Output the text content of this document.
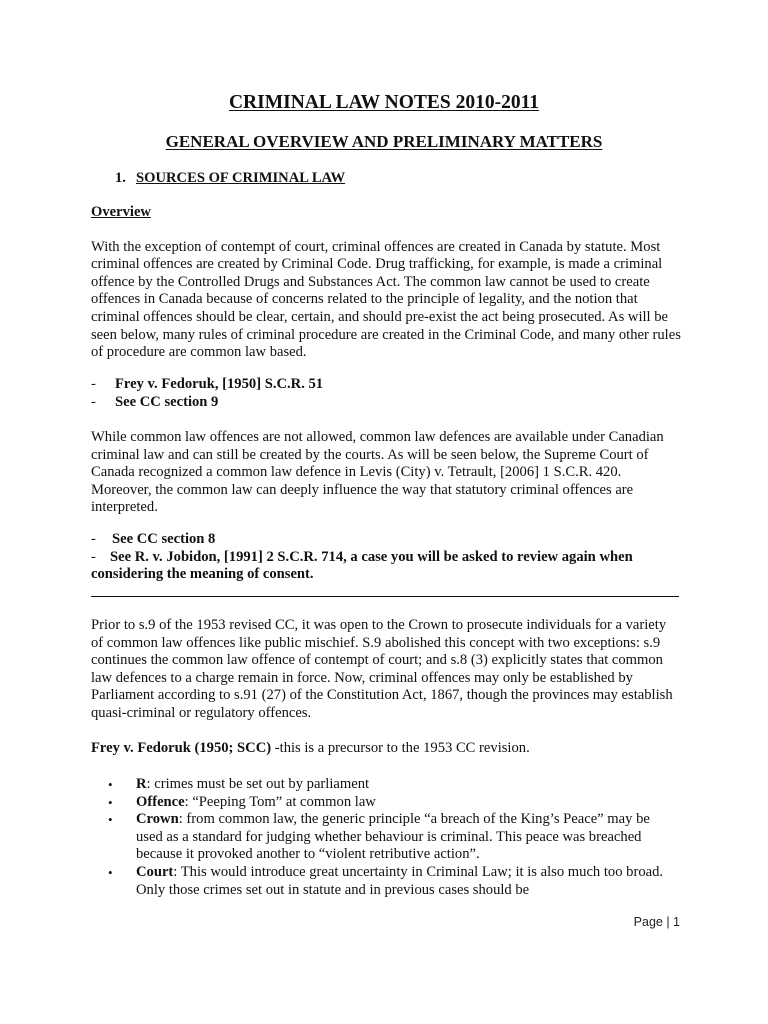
CRIMINAL LAW NOTES 2010-2011
GENERAL OVERVIEW AND PRELIMINARY MATTERS
1. SOURCES OF CRIMINAL LAW

Overview

With the exception of contempt of court, criminal offences are created in Canada by statute. Most criminal offences are created by Criminal Code. Drug trafficking, for example, is made a criminal offence by the Controlled Drugs and Substances Act. The common law cannot be used to create offences in Canada because of concerns related to the principle of legality, and the notion that criminal offences should be clear, certain, and should pre-exist the act being prosecuted. As will be seen below, many rules of criminal procedure are created in the Criminal Code, and many other rules of procedure are common law based.

- Frey v. Fedoruk, [1950] S.C.R. 51
- See CC section 9

While common law offences are not allowed, common law defences are available under Canadian criminal law and can still be created by the courts. As will be seen below, the Supreme Court of Canada recognized a common law defence in Levis (City) v. Tetrault, [2006] 1 S.C.R. 420. Moreover, the common law can deeply influence the way that statutory criminal offences are interpreted.

- See CC section 8
- See R. v. Jobidon, [1991] 2 S.C.R. 714, a case you will be asked to review again when considering the meaning of consent.

Prior to s.9 of the 1953 revised CC, it was open to the Crown to prosecute individuals for a variety of common law offences like public mischief. S.9 abolished this concept with two exceptions: s.9 continues the common law offence of contempt of court; and s.8 (3) explicitly states that common law defences to a charge remain in force. Now, criminal offences may only be established by Parliament according to s.91 (27) of the Constitution Act, 1867, though the provinces may establish quasi-criminal or regulatory offences.

Frey v. Fedoruk (1950; SCC) -this is a precursor to the 1953 CC revision.

• R: crimes must be set out by parliament
• Offence: “Peeping Tom” at common law
• Crown: from common law, the generic principle “a breach of the King’s Peace” may be used as a standard for judging whether behaviour is criminal. This peace was breached because it provoked another to “violent retributive action”.
• Court: This would introduce great uncertainty in Criminal Law; it is also much too broad. Only those crimes set out in statute and in previous cases should be
Page | 1
